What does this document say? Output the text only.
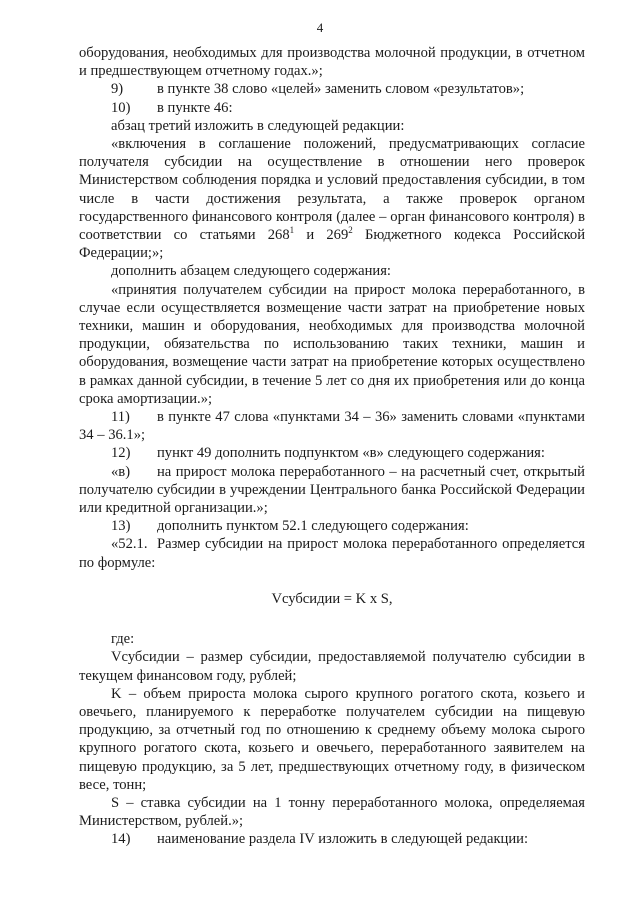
4

оборудования, необходимых для производства молочной продукции, в отчетном и предшествующем отчетному годах.»;

9) в пункте 38 слово «целей» заменить словом «результатов»;

10) в пункте 46:

абзац третий изложить в следующей редакции:

«включения в соглашение положений, предусматривающих согласие получателя субсидии на осуществление в отношении него проверок Министерством соблюдения порядка и условий предоставления субсидии, в том числе в части достижения результата, а также проверок органом государственного финансового контроля (далее – орган финансового контроля) в соответствии со статьями $268^1$ и $269^2$ Бюджетного кодекса Российской Федерации;»;

дополнить абзацем следующего содержания:

«принятия получателем субсидии на прирост молока переработанного, в случае если осуществляется возмещение части затрат на приобретение новых техники, машин и оборудования, необходимых для производства молочной продукции, обязательства по использованию таких техники, машин и оборудования, возмещение части затрат на приобретение которых осуществлено в рамках данной субсидии, в течение 5 лет со дня их приобретения или до конца срока амортизации.»;

11) в пункте 47 слова «пунктами 34 – 36» заменить словами «пунктами 34 – 36.1»;

12) пункт 49 дополнить подпунктом «в» следующего содержания:

«в) на прирост молока переработанного – на расчетный счет, открытый получателю субсидии в учреждении Центрального банка Российской Федерации или кредитной организации.»;

13) дополнить пунктом 52.1 следующего содержания:

«52.1. Размер субсидии на прирост молока переработанного определяется по формуле:

Vсубсидии = K x S,

где:

Vсубсидии – размер субсидии, предоставляемой получателю субсидии в текущем финансовом году, рублей;

K – объем прироста молока сырого крупного рогатого скота, козьего и овечьего, планируемого к переработке получателем субсидии на пищевую продукцию, за отчетный год по отношению к среднему объему молока сырого крупного рогатого скота, козьего и овечьего, переработанного заявителем на пищевую продукцию, за 5 лет, предшествующих отчетному году, в физическом весе, тонн;

S – ставка субсидии на 1 тонну переработанного молока, определяемая Министерством, рублей.»;

14) наименование раздела IV изложить в следующей редакции:
